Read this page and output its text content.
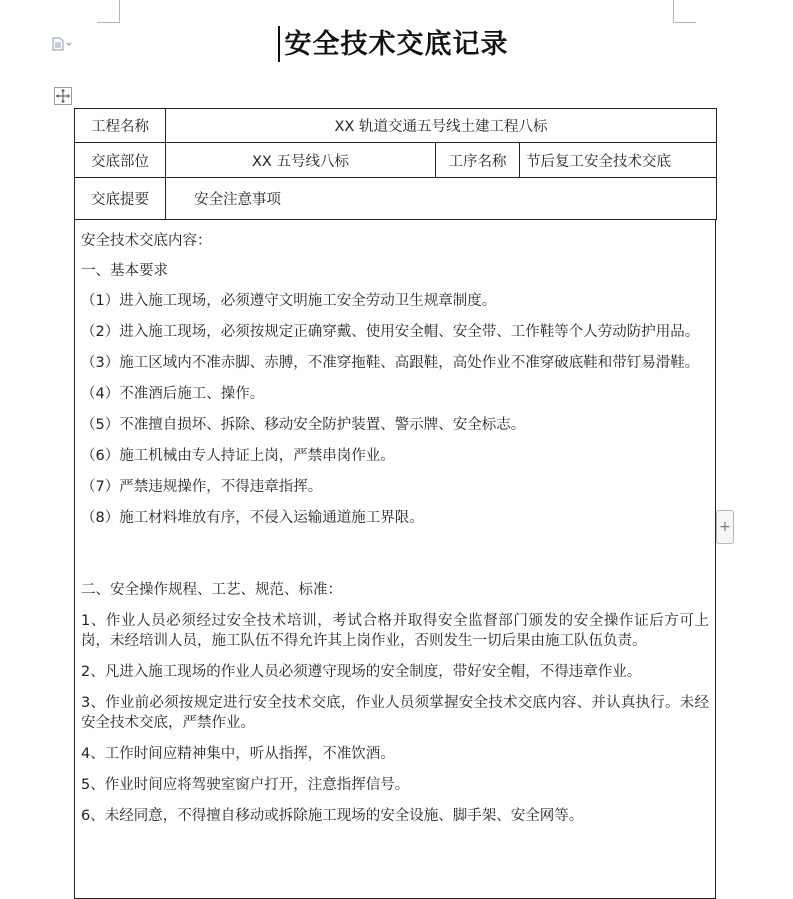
安全技术交底记录
工程名称	XX 轨道交通五号线土建工程八标		
交底部位	XX 五号线八标	工序名称	节后复工安全技术交底
交底提要	安全注意事项		

安全技术交底内容：

一、基本要求

（1）进入施工现场，必须遵守文明施工安全劳动卫生规章制度。

（2）进入施工现场，必须按规定正确穿戴、使用安全帽、安全带、工作鞋等个人劳动防护用品。

（3）施工区域内不准赤脚、赤膊，不准穿拖鞋、高跟鞋，高处作业不准穿破底鞋和带钉易滑鞋。

（4）不准酒后施工、操作。

（5）不准擅自损坏、拆除、移动安全防护装置、警示牌、安全标志。

（6）施工机械由专人持证上岗，严禁串岗作业。

（7）严禁违规操作，不得违章指挥。

（8）施工材料堆放有序，不侵入运输通道施工界限。

二、安全操作规程、工艺、规范、标准：

1、作业人员必须经过安全技术培训，考试合格并取得安全监督部门颁发的安全操作证后方可上岗，未经培训人员，施工队伍不得允许其上岗作业，否则发生一切后果由施工队伍负责。

2、凡进入施工现场的作业人员必须遵守现场的安全制度，带好安全帽，不得违章作业。

3、作业前必须按规定进行安全技术交底，作业人员须掌握安全技术交底内容、并认真执行。未经安全技术交底，严禁作业。

4、工作时间应精神集中，听从指挥，不准饮酒。

5、作业时间应将驾驶室窗户打开，注意指挥信号。

6、未经同意，不得擅自移动或拆除施工现场的安全设施、脚手架、安全网等。

+
